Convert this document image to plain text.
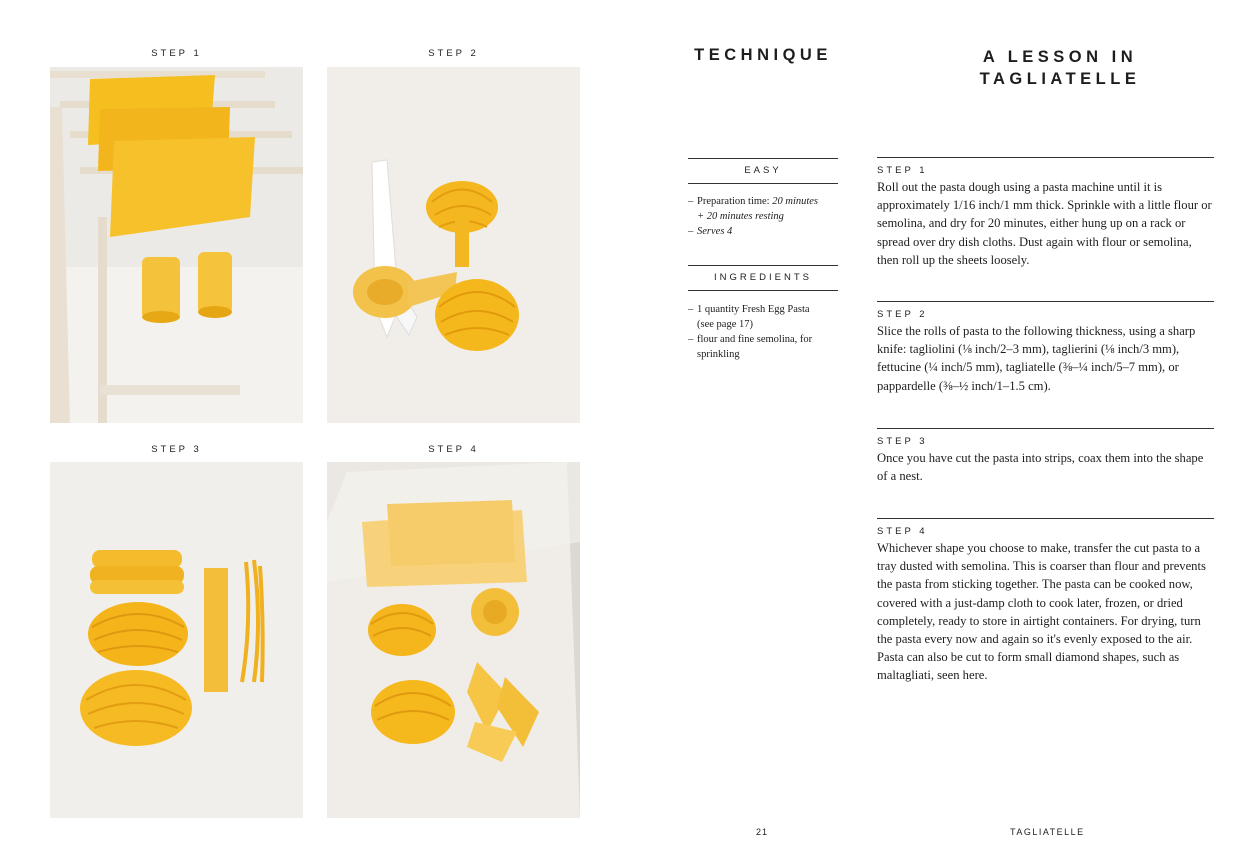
STEP 1	STEP 2
STEP 3	STEP 4
TECHNIQUE	A LESSON IN TAGLIATELLE
EASY
– Preparation time: 20 minutes
+ 20 minutes resting
– Serves 4
INGREDIENTS
– 1 quantity Fresh Egg Pasta (see page 17)
– flour and fine semolina, for sprinkling
STEP 1
Roll out the pasta dough using a pasta machine until it is approximately 1/16 inch/1 mm thick. Sprinkle with a little flour or semolina, and dry for 20 minutes, either hung up on a rack or spread over dry dish cloths. Dust again with flour or semolina, then roll up the sheets loosely.
STEP 2
Slice the rolls of pasta to the following thickness, using a sharp knife: tagliolini (⅛ inch/2–3 mm), taglierini (⅛ inch/3 mm), fettucine (¼ inch/5 mm), tagliatelle (⅜–¼ inch/5–7 mm), or pappardelle (⅜–½ inch/1–1.5 cm).
STEP 3
Once you have cut the pasta into strips, coax them into the shape of a nest.
STEP 4
Whichever shape you choose to make, transfer the cut pasta to a tray dusted with semolina. This is coarser than flour and prevents the pasta from sticking together. The pasta can be cooked now, covered with a just-damp cloth to cook later, frozen, or dried completely, ready to store in airtight containers. For drying, turn the pasta every now and again so it's evenly exposed to the air. Pasta can also be cut to form small diamond shapes, such as maltagliati, seen here.
21	TAGLIATELLE
